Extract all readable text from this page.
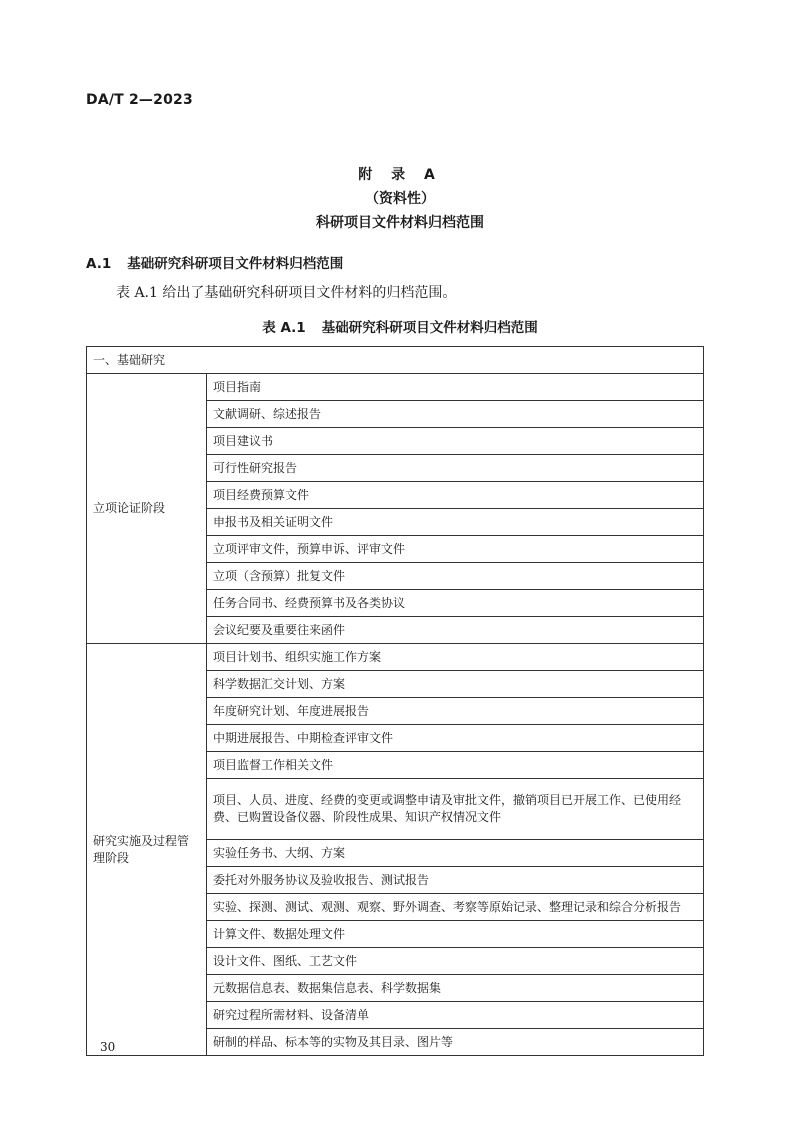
DA/T 2—2023
附 录 A
（资料性）
科研项目文件材料归档范围
A.1 基础研究科研项目文件材料归档范围
表 A.1 给出了基础研究科研项目文件材料的归档范围。
表 A.1 基础研究科研项目文件材料归档范围
一、基础研究	
立项论证阶段	项目指南
	文献调研、综述报告
	项目建议书
	可行性研究报告
	项目经费预算文件
	申报书及相关证明文件
	立项评审文件，预算申诉、评审文件
	立项（含预算）批复文件
	任务合同书、经费预算书及各类协议
	会议纪要及重要往来函件
研究实施及过程管理阶段	项目计划书、组织实施工作方案
	科学数据汇交计划、方案
	年度研究计划、年度进展报告
	中期进展报告、中期检查评审文件
	项目监督工作相关文件
	项目、人员、进度、经费的变更或调整申请及审批文件，撤销项目已开展工作、已使用经费、已购置设备仪器、阶段性成果、知识产权情况文件
	实验任务书、大纲、方案
	委托对外服务协议及验收报告、测试报告
	实验、探测、测试、观测、观察、野外调查、考察等原始记录、整理记录和综合分析报告
	计算文件、数据处理文件
	设计文件、图纸、工艺文件
	元数据信息表、数据集信息表、科学数据集
	研究过程所需材料、设备清单
	研制的样品、标本等的实物及其目录、图片等
30
